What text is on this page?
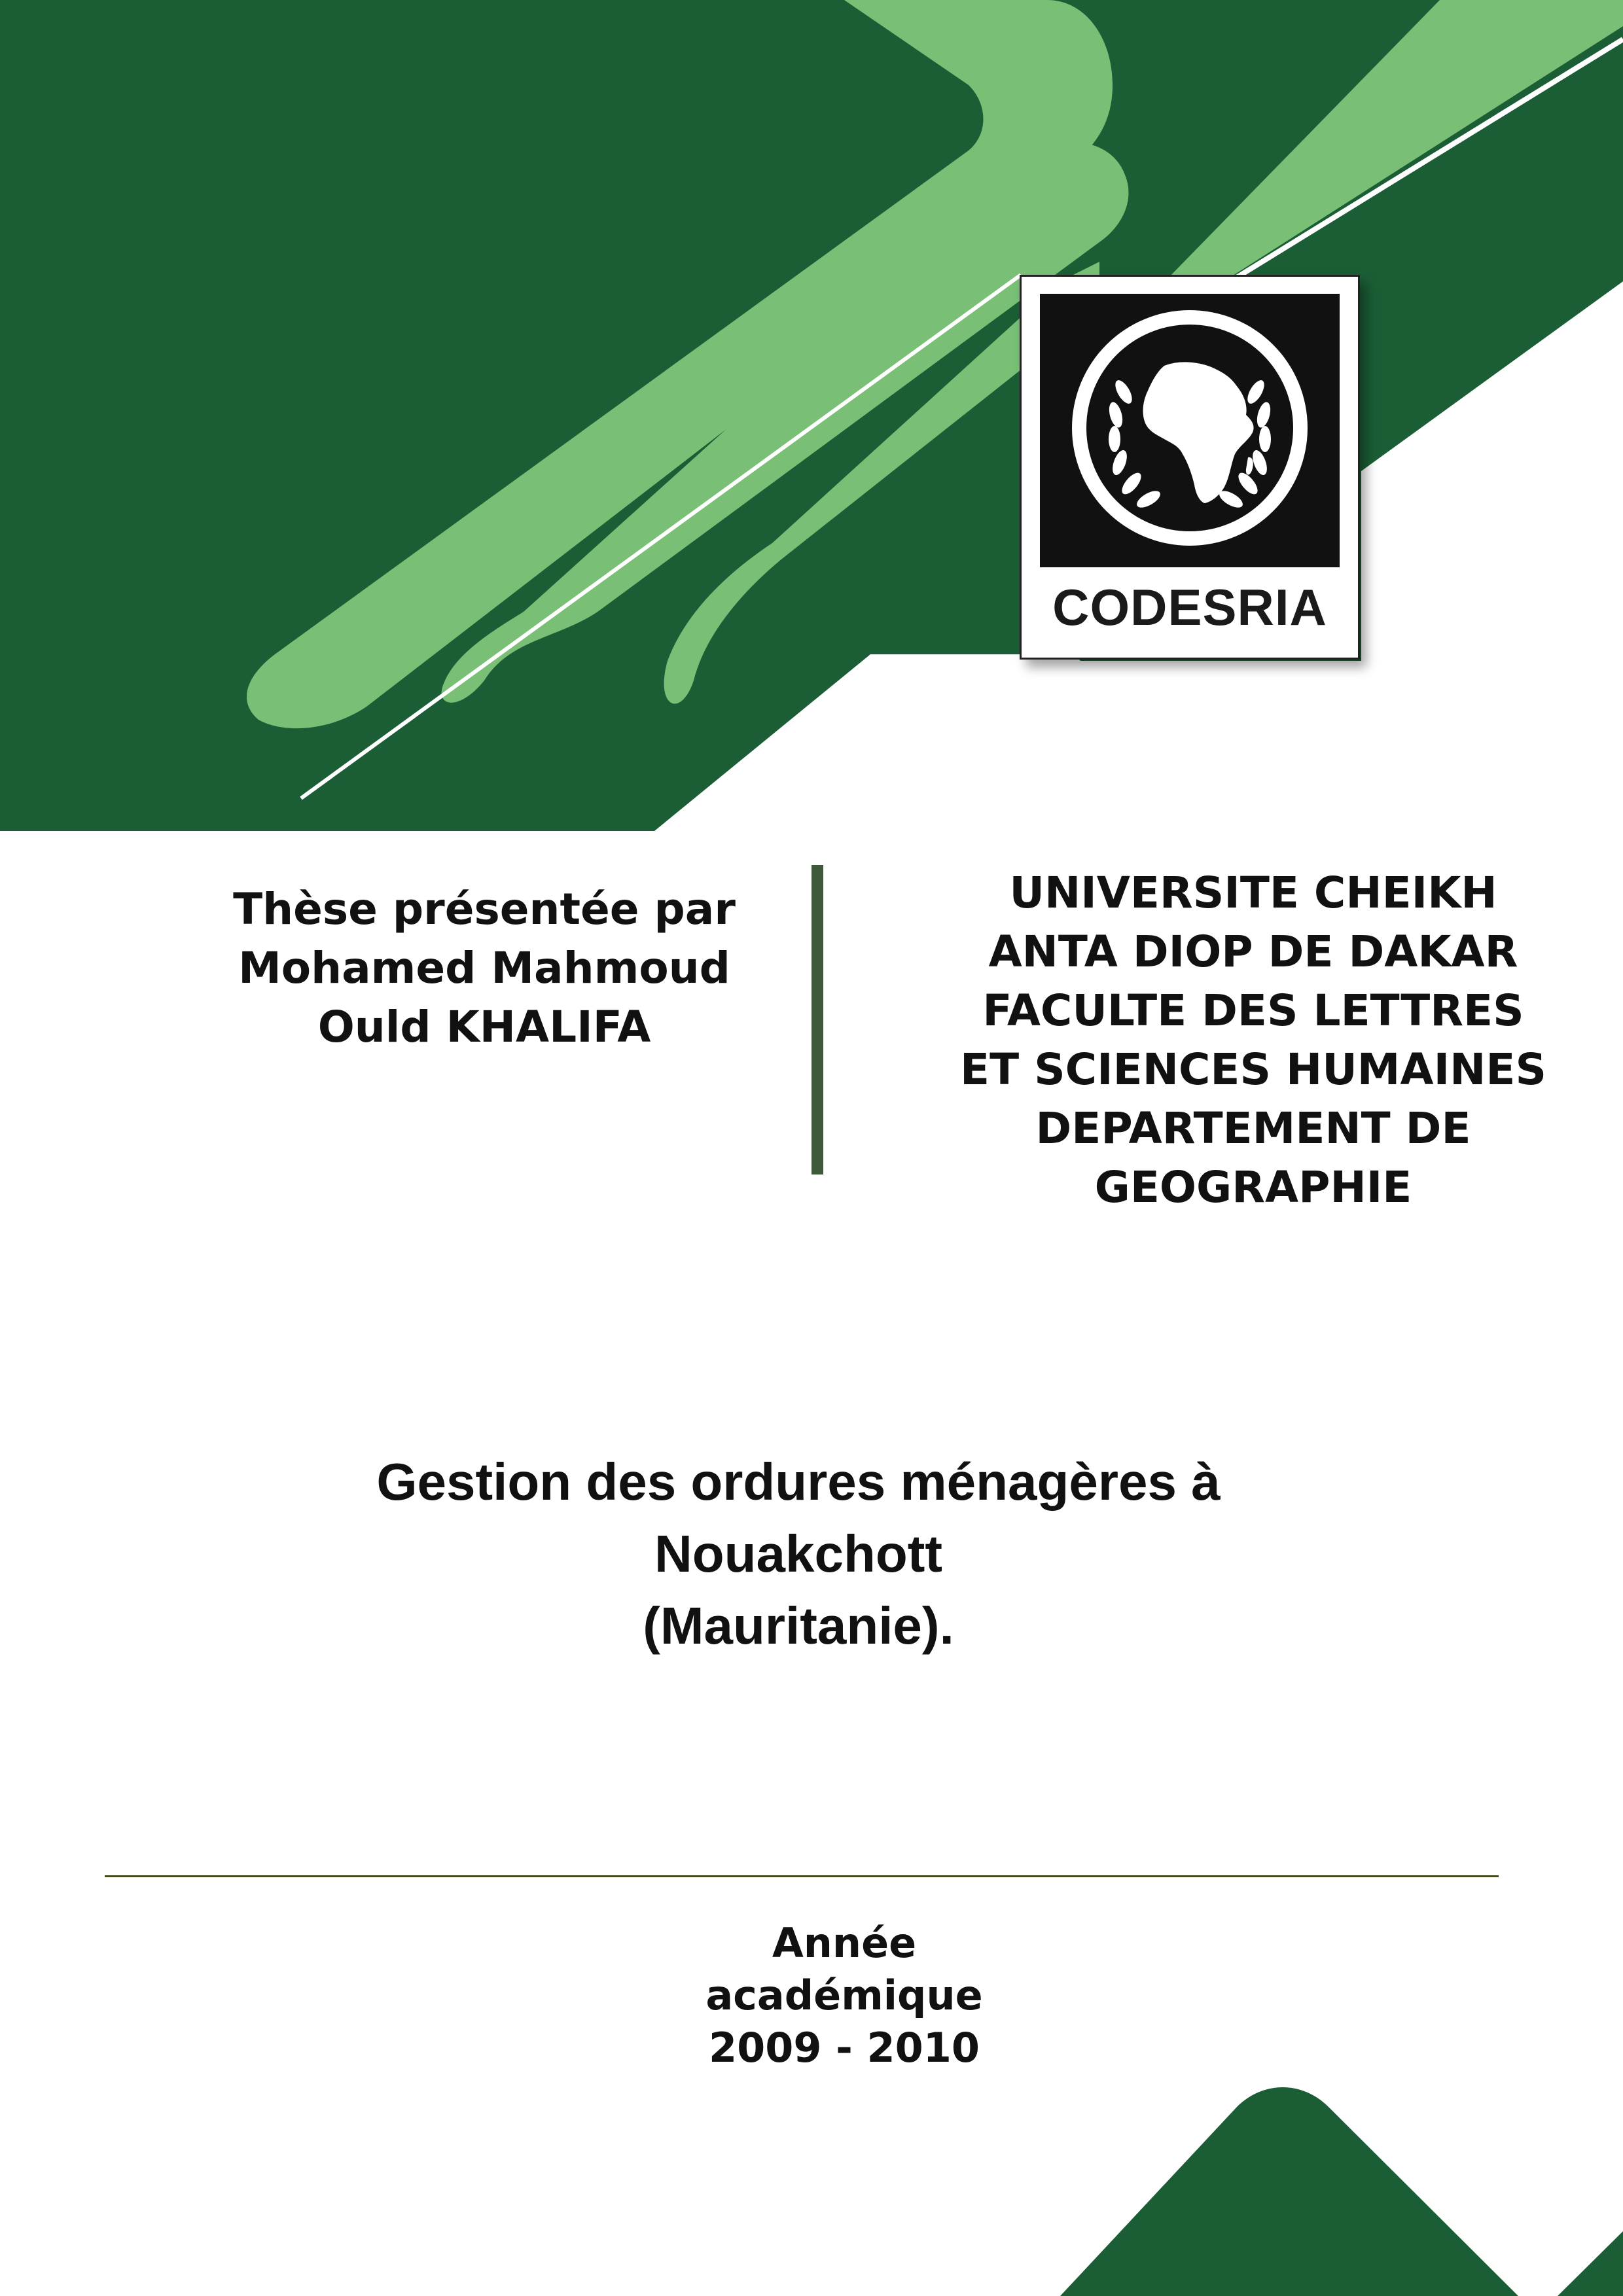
CODESRIA
Thèse présentée par
Mohamed Mahmoud
Ould KHALIFA
UNIVERSITE CHEIKH
ANTA DIOP DE DAKAR
FACULTE DES LETTRES
ET SCIENCES HUMAINES
DEPARTEMENT DE
GEOGRAPHIE
Gestion des ordures ménagères à
Nouakchott
(Mauritanie).
Année
académique
2009 - 2010
